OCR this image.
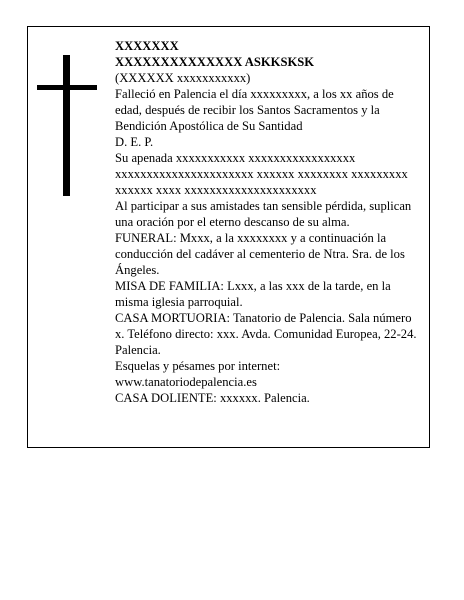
XXXXXXX

XXXXXXXXXXXXXX ASKKSKSK

(XXXXXX xxxxxxxxxxx)

Falleció en Palencia el día xxxxxxxxx, a los xx años de edad, después de recibir los Santos Sacramentos y la Bendición Apostólica de Su Santidad

D. E. P.

Su apenada xxxxxxxxxxx xxxxxxxxxxxxxxxxx xxxxxxxxxxxxxxxxxxxxxx xxxxxx xxxxxxxx xxxxxxxxx xxxxxx xxxx xxxxxxxxxxxxxxxxxxxxx

Al participar a sus amistades tan sensible pérdida, suplican una oración por el eterno descanso de su alma.

FUNERAL: Mxxx, a la xxxxxxxx y a continuación la conducción del cadáver al cementerio de Ntra. Sra. de los Ángeles.

MISA DE FAMILIA: Lxxx, a las xxx de la tarde, en la misma iglesia parroquial.

CASA MORTUORIA: Tanatorio de Palencia. Sala número x. Teléfono directo: xxx. Avda. Comunidad Europea, 22-24. Palencia.

Esquelas y pésames por internet:

www.tanatoriodepalencia.es

CASA DOLIENTE: xxxxxx. Palencia.
